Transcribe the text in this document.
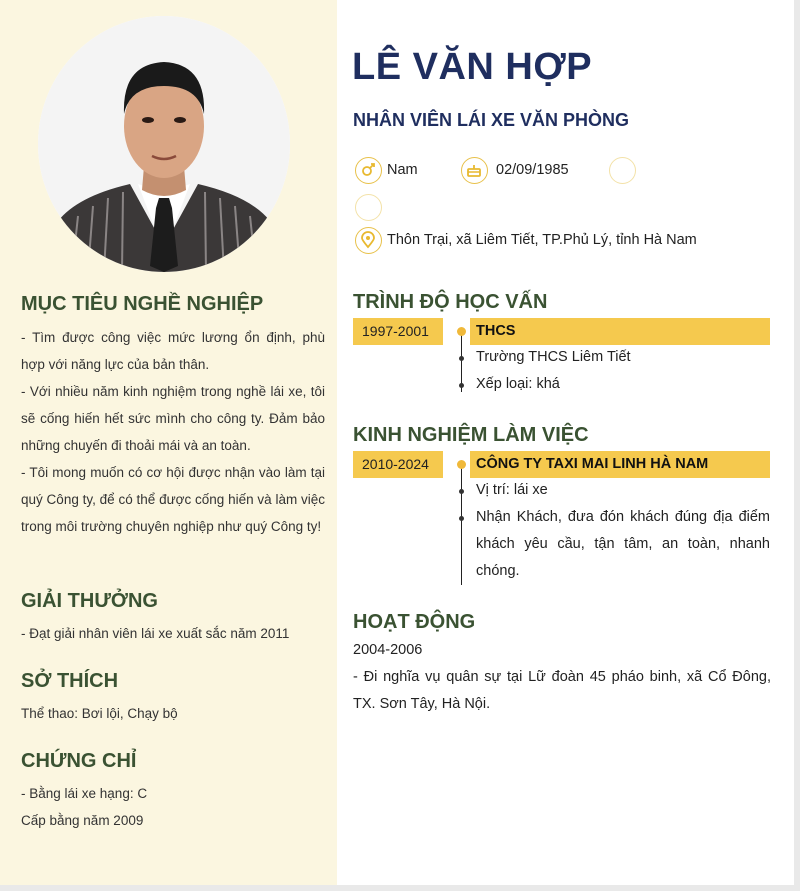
MỤC TIÊU NGHỀ NGHIỆP
- Tìm được công việc mức lương ổn định, phù hợp với năng lực của bản thân.
- Với nhiều năm kinh nghiệm trong nghề lái xe, tôi sẽ cống hiến hết sức mình cho công ty. Đảm bảo những chuyến đi thoải mái và an toàn.
- Tôi mong muốn có cơ hội được nhận vào làm tại quý Công ty, để có thể được cống hiến và làm việc trong môi trường chuyên nghiệp như quý Công ty!
GIẢI THƯỞNG
- Đạt giải nhân viên lái xe xuất sắc năm 2011
SỞ THÍCH
Thể thao: Bơi lội, Chạy bộ
CHỨNG CHỈ
- Bằng lái xe hạng: C
Cấp bằng năm 2009
LÊ VĂN HỢP
NHÂN VIÊN LÁI XE VĂN PHÒNG
Nam	02/09/1985
Thôn Trại, xã Liêm Tiết, TP.Phủ Lý, tỉnh Hà Nam
TRÌNH ĐỘ HỌC VẤN
1997-2001	THCS
Trường THCS Liêm Tiết
Xếp loại: khá
KINH NGHIỆM LÀM VIỆC
2010-2024	CÔNG TY TAXI MAI LINH HÀ NAM
Vị trí: lái xe
Nhận Khách, đưa đón khách đúng địa điểm khách yêu cầu, tận tâm, an toàn, nhanh chóng.
HOẠT ĐỘNG
2004-2006
- Đi nghĩa vụ quân sự tại Lữ đoàn 45 pháo binh, xã Cổ Đông, TX. Sơn Tây, Hà Nội.
